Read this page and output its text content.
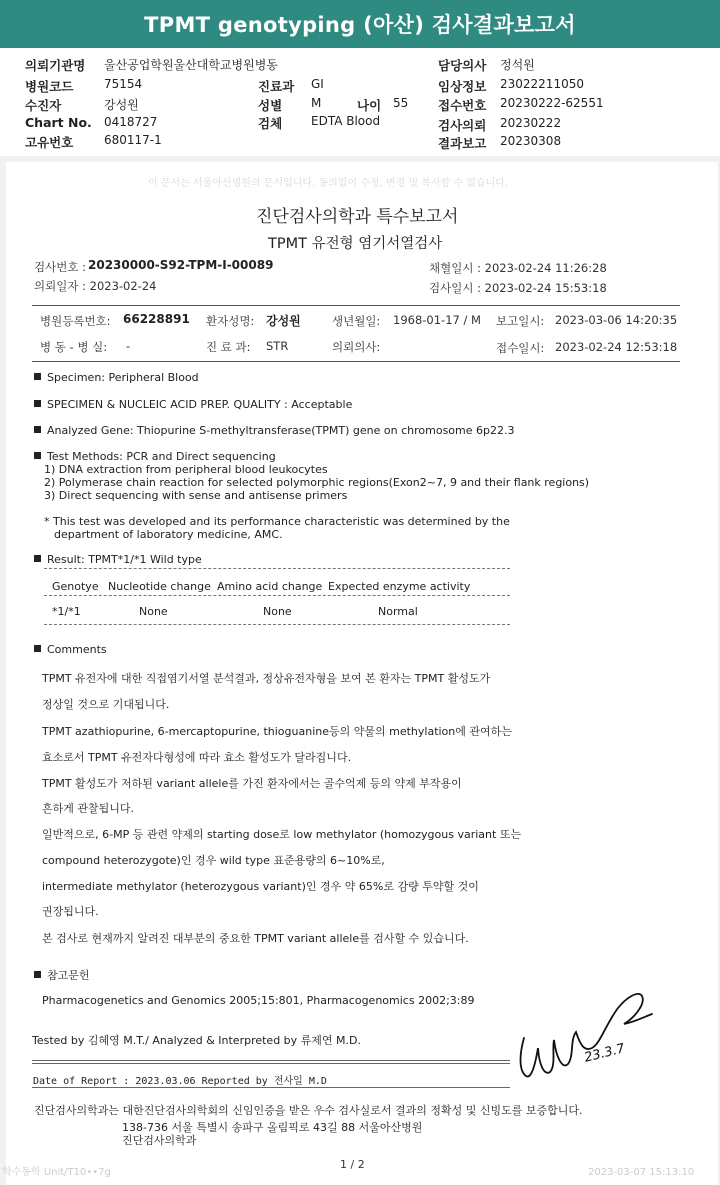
TPMT genotyping (아산) 검사결과보고서
의뢰기관명 울산공업학원울산대학교병원병동
병원코드	75154
수진자	강성원
Chart No. 0418727
고유번호	680117-1
진료과 GI
성별 M	나이 55
검체 EDTA Blood
담당의사 정석원
임상정보 23022211050
접수번호 20230222-62551
검사의뢰 20230222
결과보고 20230308
이 문서는 서울아산병원의 문서입니다. 동의없이 수정, 변경 및 복사할 수 없습니다.
진단검사의학과 특수보고서
TPMT 유전형 염기서열검사
검사번호 : 20230000-S92-TPM-I-00089
의뢰일자 : 2023-02-24
채혈일시 : 2023-02-24 11:26:28
검사일시 : 2023-02-24 15:53:18
병원등록번호: 66228891 환자성명: 강성원	생년월일: 1968-01-17 / M 보고일시: 2023-03-06 14:20:35
병 동 - 병 실: -	진 료 과: STR	의뢰의사:	접수일시: 2023-02-24 12:53:18
Specimen: Peripheral Blood
SPECIMEN & NUCLEIC ACID PREP. QUALITY : Acceptable
Analyzed Gene: Thiopurine S-methyltransferase(TPMT) gene on chromosome 6p22.3
Test Methods: PCR and Direct sequencing
1) DNA extraction from peripheral blood leukocytes
2) Polymerase chain reaction for selected polymorphic regions(Exon2~7, 9 and their flank regions)
3) Direct sequencing with sense and antisense primers
* This test was developed and its performance characteristic was determined by the
department of laboratory medicine, AMC.
Result: TPMT*1/*1 Wild type
Genotye Nucleotide change Amino acid change Expected enzyme activity
*1/*1	None	None	Normal
Comments
TPMT 유전자에 대한 직접염기서열 분석결과, 정상유전자형을 보여 본 환자는 TPMT 활성도가
정상일 것으로 기대됩니다.
TPMT azathiopurine, 6-mercaptopurine, thioguanine등의 약물의 methylation에 관여하는
효소로서 TPMT 유전자다형성에 따라 효소 활성도가 달라집니다.
TPMT 활성도가 저하된 variant allele를 가진 환자에서는 골수억제 등의 약제 부작용이
흔하게 관찰됩니다.
일반적으로, 6-MP 등 관련 약제의 starting dose로 low methylator (homozygous variant 또는
compound heterozygote)인 경우 wild type 표준용량의 6~10%로,
intermediate methylator (heterozygous variant)인 경우 약 65%로 감량 투약할 것이
권장됩니다.
본 검사로 현재까지 알려진 대부분의 중요한 TPMT variant allele를 검사할 수 있습니다.
참고문헌
Pharmacogenetics and Genomics 2005;15:801, Pharmacogenomics 2002;3:89
Tested by 김혜영 M.T./ Analyzed & Interpreted by 류제연 M.D.
Date of Report : 2023.03.06 Reported by 전사일 M.D
23.3.7
진단검사의학과는 대한진단검사의학회의 신임인증을 받은 우수 검사실로서 결과의 정확성 및 신빙도를 보증합니다.
138-736 서울 특별시 송파구 올림픽로 43길 88 서울아산병원
진단검사의학과
1 / 2
학수동학 Unit/T10••7g	2023-03-07 15:13:10
